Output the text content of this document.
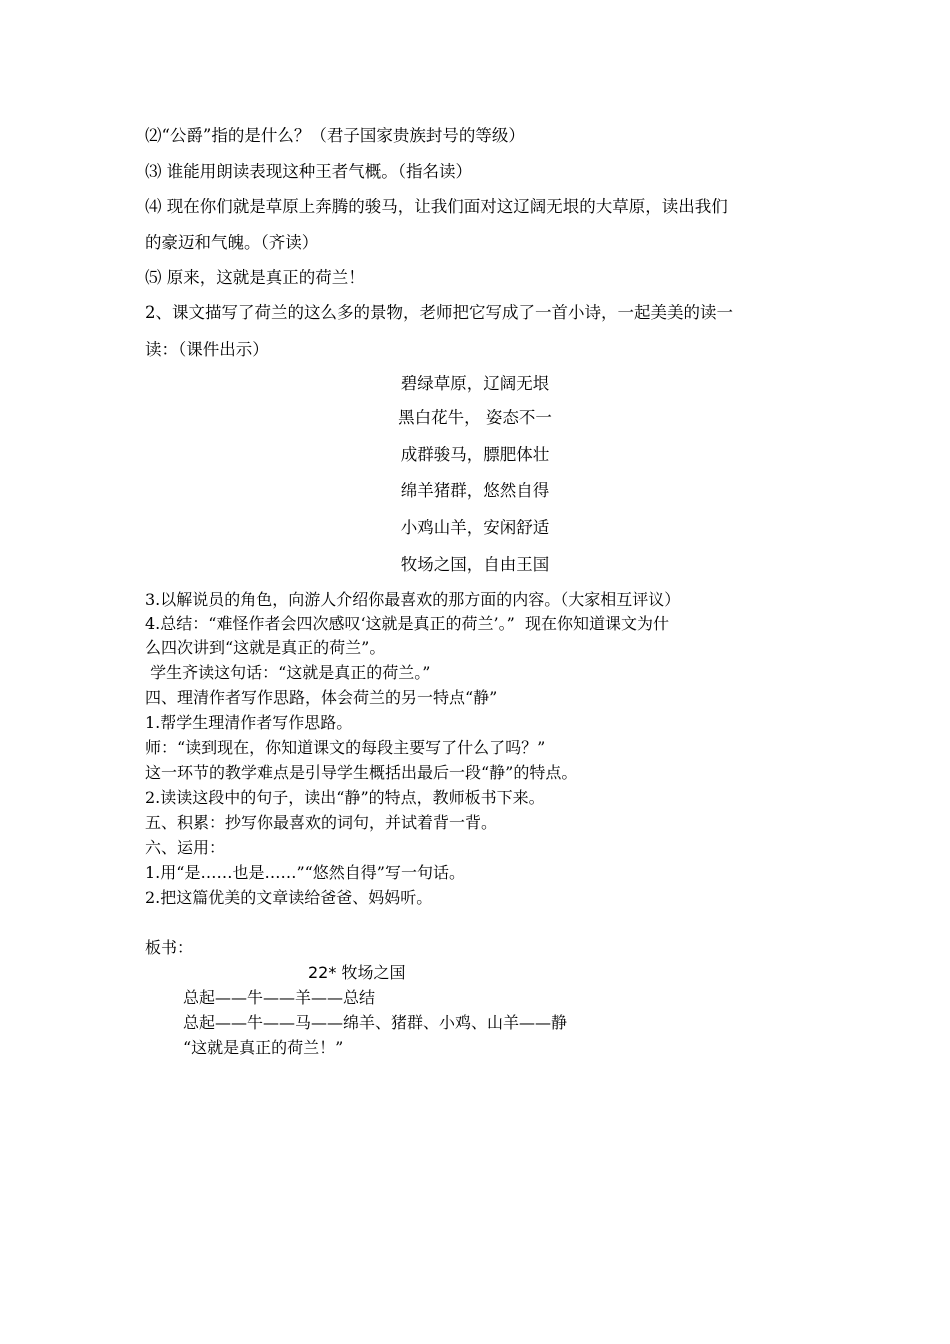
⑵“公爵”指的是什么？（君子国家贵族封号的等级）
⑶ 谁能用朗读表现这种王者气概。（指名读）
⑷ 现在你们就是草原上奔腾的骏马，让我们面对这辽阔无垠的大草原，读出我们
的豪迈和气魄。（齐读）
⑸ 原来，这就是真正的荷兰！
2、课文描写了荷兰的这么多的景物，老师把它写成了一首小诗，一起美美的读一
读：（课件出示）
碧绿草原，辽阔无垠
黑白花牛， 姿态不一
成群骏马，膘肥体壮
绵羊猪群，悠然自得
小鸡山羊，安闲舒适
牧场之国，自由王国
3.以解说员的角色，向游人介绍你最喜欢的那方面的内容。（大家相互评议）
4.总结：“难怪作者会四次感叹‘这就是真正的荷兰’。”  现在你知道课文为什
么四次讲到“这就是真正的荷兰”。
学生齐读这句话：“这就是真正的荷兰。”
四、理清作者写作思路，体会荷兰的另一特点“静”
1.帮学生理清作者写作思路。
师：“读到现在，你知道课文的每段主要写了什么了吗？”
这一环节的教学难点是引导学生概括出最后一段“静”的特点。
2.读读这段中的句子，读出“静”的特点，教师板书下来。
五、积累：抄写你最喜欢的词句，并试着背一背。
六、运用：
1.用“是……也是……”“悠然自得”写一句话。
2.把这篇优美的文章读给爸爸、妈妈听。
板书：
22* 牧场之国
总起——牛——羊——总结
总起——牛——马——绵羊、猪群、小鸡、山羊——静
“这就是真正的荷兰！”
